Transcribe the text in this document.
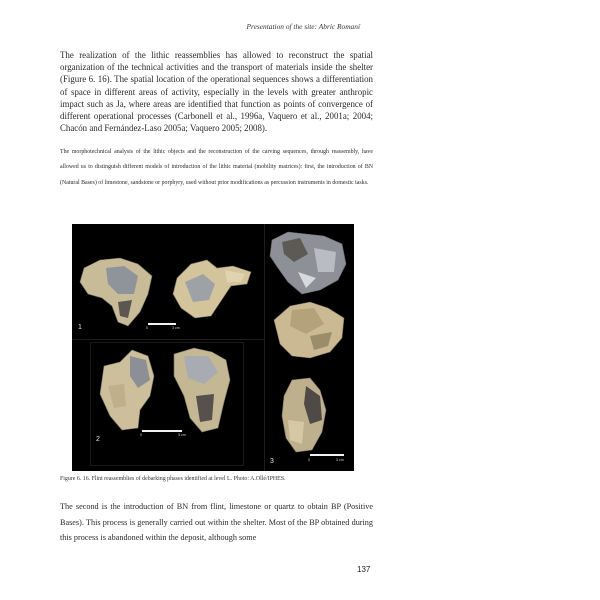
Presentation of the site: Abric Romaní

The realization of the lithic reassemblies has allowed to reconstruct the spatial organization of the technical activities and the transport of materials inside the shelter (Figure 6. 16). The spatial location of the operational sequences shows a differentiation of space in different areas of activity, especially in the levels with greater anthropic impact such as Ja, where areas are identified that function as points of convergence of different operational processes (Carbonell et al., 1996a, Vaquero et al., 2001a; 2004; Chacón and Fernández-Laso 2005a; Vaquero 2005; 2008).

The morphotechnical analysis of the lithic objects and the reconstruction of the carving sequences, through reassembly, have allowed us to distinguish different models of introduction of the lithic material (mobility matrices): first, the introduction of BN (Natural Bases) of limestone, sandstone or porphyry, used without prior modifications as percussion instruments in domestic tasks.

1	0	3 cm
2
0	3 cm
3	0	3 cm

Figure 6. 16. Flint reassemblies of debarking phases identified at level L. Photo: A.Ollé/IPHES.

The second is the introduction of BN from flint, limestone or quartz to obtain BP (Positive Bases). This process is generally carried out within the shelter. Most of the BP obtained during this process is abandoned within the deposit, although some

137
